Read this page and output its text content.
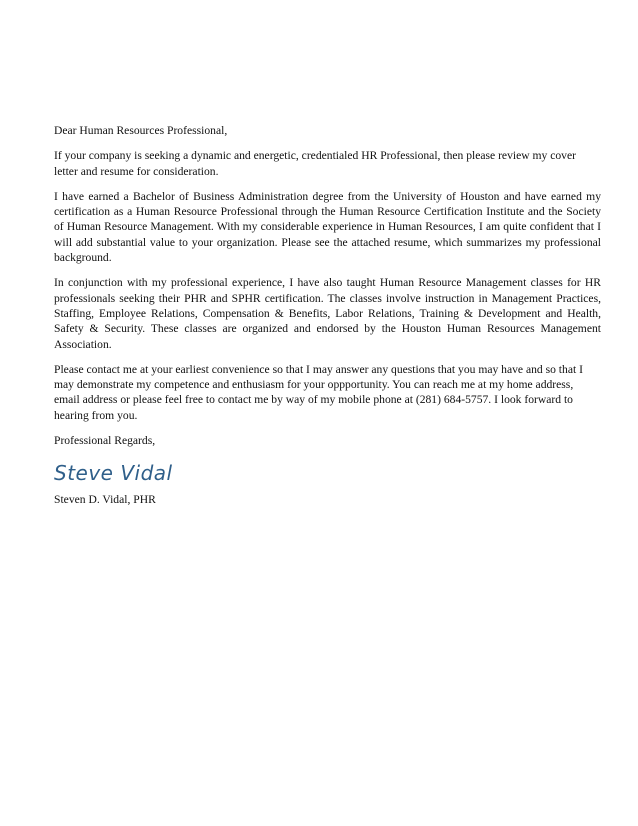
Dear Human Resources Professional,

If your company is seeking a dynamic and energetic, credentialed HR Professional, then please review my cover letter and resume for consideration.

I have earned a Bachelor of Business Administration degree from the University of Houston and have earned my certification as a Human Resource Professional through the Human Resource Certification Institute and the Society of Human Resource Management. With my considerable experience in Human Resources, I am quite confident that I will add substantial value to your organization. Please see the attached resume, which summarizes my professional background.

In conjunction with my professional experience, I have also taught Human Resource Management classes for HR professionals seeking their PHR and SPHR certification. The classes involve instruction in Management Practices, Staffing, Employee Relations, Compensation & Benefits, Labor Relations, Training & Development and Health, Safety & Security. These classes are organized and endorsed by the Houston Human Resources Management Association.

Please contact me at your earliest convenience so that I may answer any questions that you may have and so that I may demonstrate my competence and enthusiasm for your oppportunity. You can reach me at my home address, email address or please feel free to contact me by way of my mobile phone at (281) 684-5757. I look forward to hearing from you.

Professional Regards,

Steve Vidal

Steven D. Vidal, PHR
